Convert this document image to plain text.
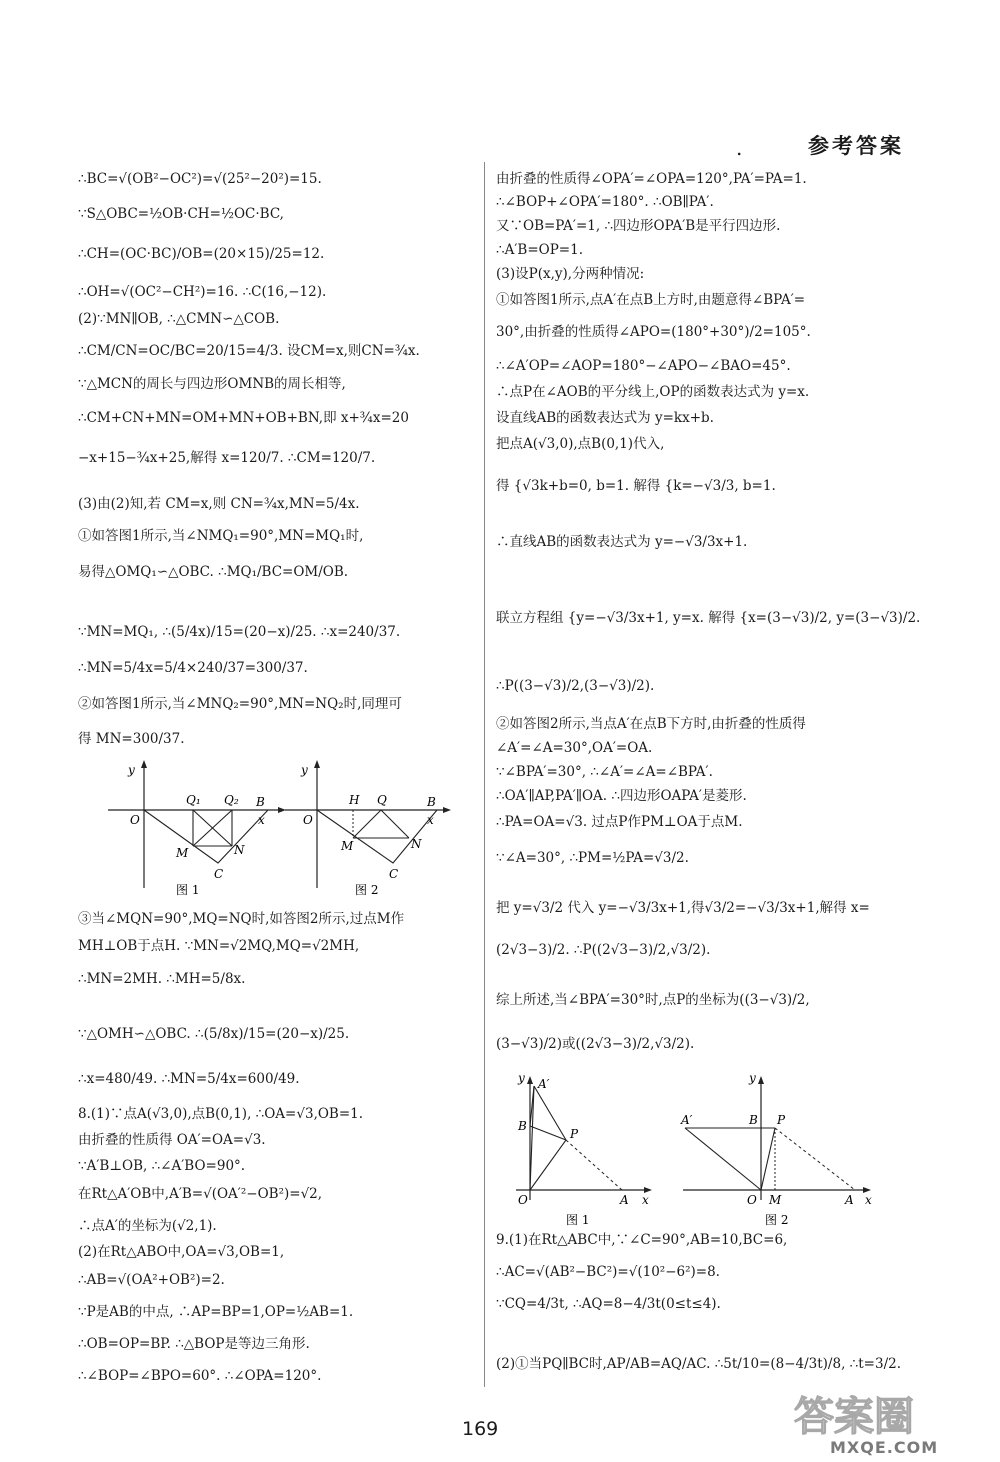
.	参考答案
∴BC=√(OB²−OC²)=√(25²−20²)=15.
∵S△OBC=½OB·CH=½OC·BC,
∴CH=(OC·BC)/OB=(20×15)/25=12.
∴OH=√(OC²−CH²)=16. ∴C(16,−12).
(2)∵MN∥OB, ∴△CMN∽△COB.
∴CM/CN=OC/BC=20/15=4/3. 设CM=x,则CN=¾x.
∵△MCN的周长与四边形OMNB的周长相等,
∴CM+CN+MN=OM+MN+OB+BN,即 x+¾x=20
−x+15−¾x+25,解得 x=120/7. ∴CM=120/7.
(3)由(2)知,若 CM=x,则 CN=¾x,MN=5/4x.
①如答图1所示,当∠NMQ₁=90°,MN=MQ₁时,
易得△OMQ₁∽△OBC. ∴MQ₁/BC=OM/OB.
∵MN=MQ₁, ∴(5/4x)/15=(20−x)/25. ∴x=240/37.
∴MN=5/4x=5/4×240/37=300/37.
②如答图1所示,当∠MNQ₂=90°,MN=NQ₂时,同理可
得 MN=300/37.
③当∠MQN=90°,MQ=NQ时,如答图2所示,过点M作
MH⊥OB于点H. ∵MN=√2MQ,MQ=√2MH,
∴MN=2MH. ∴MH=5/8x.
∵△OMH∽△OBC. ∴(5/8x)/15=(20−x)/25.
∴x=480/49. ∴MN=5/4x=600/49.
8.(1)∵点A(√3,0),点B(0,1), ∴OA=√3,OB=1.
由折叠的性质得 OA′=OA=√3.
∵A′B⊥OB, ∴∠A′BO=90°.
在Rt△A′OB中,A′B=√(OA′²−OB²)=√2,
∴点A′的坐标为(√2,1).
(2)在Rt△ABO中,OA=√3,OB=1,
∴AB=√(OA²+OB²)=2.
∵P是AB的中点, ∴AP=BP=1,OP=½AB=1.
∴OB=OP=BP. ∴△BOP是等边三角形.
∴∠BOP=∠BPO=60°. ∴∠OPA=120°.
y
O
Q₁ Q₂ B
x
M	N
C
图 1
y
O
H Q	B
x
M	N
C
图 2
由折叠的性质得∠OPA′=∠OPA=120°,PA′=PA=1.
∴∠BOP+∠OPA′=180°. ∴OB∥PA′.
又∵OB=PA′=1, ∴四边形OPA′B是平行四边形.
∴A′B=OP=1.
(3)设P(x,y),分两种情况:
①如答图1所示,点A′在点B上方时,由题意得∠BPA′=
30°,由折叠的性质得∠APO=(180°+30°)/2=105°.
∴∠A′OP=∠AOP=180°−∠APO−∠BAO=45°.
∴点P在∠AOB的平分线上,OP的函数表达式为 y=x.
设直线AB的函数表达式为 y=kx+b.
把点A(√3,0),点B(0,1)代入,
得 {√3k+b=0, b=1. 解得 {k=−√3/3, b=1.
∴直线AB的函数表达式为 y=−√3/3x+1.
联立方程组 {y=−√3/3x+1, y=x. 解得 {x=(3−√3)/2, y=(3−√3)/2.
∴P((3−√3)/2,(3−√3)/2).
②如答图2所示,当点A′在点B下方时,由折叠的性质得
∠A′=∠A=30°,OA′=OA.
∵∠BPA′=30°, ∴∠A′=∠A=∠BPA′.
∴OA′∥AP,PA′∥OA. ∴四边形OAPA′是菱形.
∴PA=OA=√3. 过点P作PM⊥OA于点M.
∵∠A=30°, ∴PM=½PA=√3/2.
把 y=√3/2 代入 y=−√3/3x+1,得√3/2=−√3/3x+1,解得 x=
(2√3−3)/2. ∴P((2√3−3)/2,√3/2).
综上所述,当∠BPA′=30°时,点P的坐标为((3−√3)/2,
(3−√3)/2)或((2√3−3)/2,√3/2).
9.(1)在Rt△ABC中,∵∠C=90°,AB=10,BC=6,
∴AC=√(AB²−BC²)=√(10²−6²)=8.
∵CQ=4/3t, ∴AQ=8−4/3t(0≤t≤4).
(2)①当PQ∥BC时,AP/AB=AQ/AC. ∴5t/10=(8−4/3t)/8, ∴t=3/2.
y A′
B
P
O	A x
图 1
y
A′	B P
O M	A x
图 2
169	答案圈
MXQE.COM
